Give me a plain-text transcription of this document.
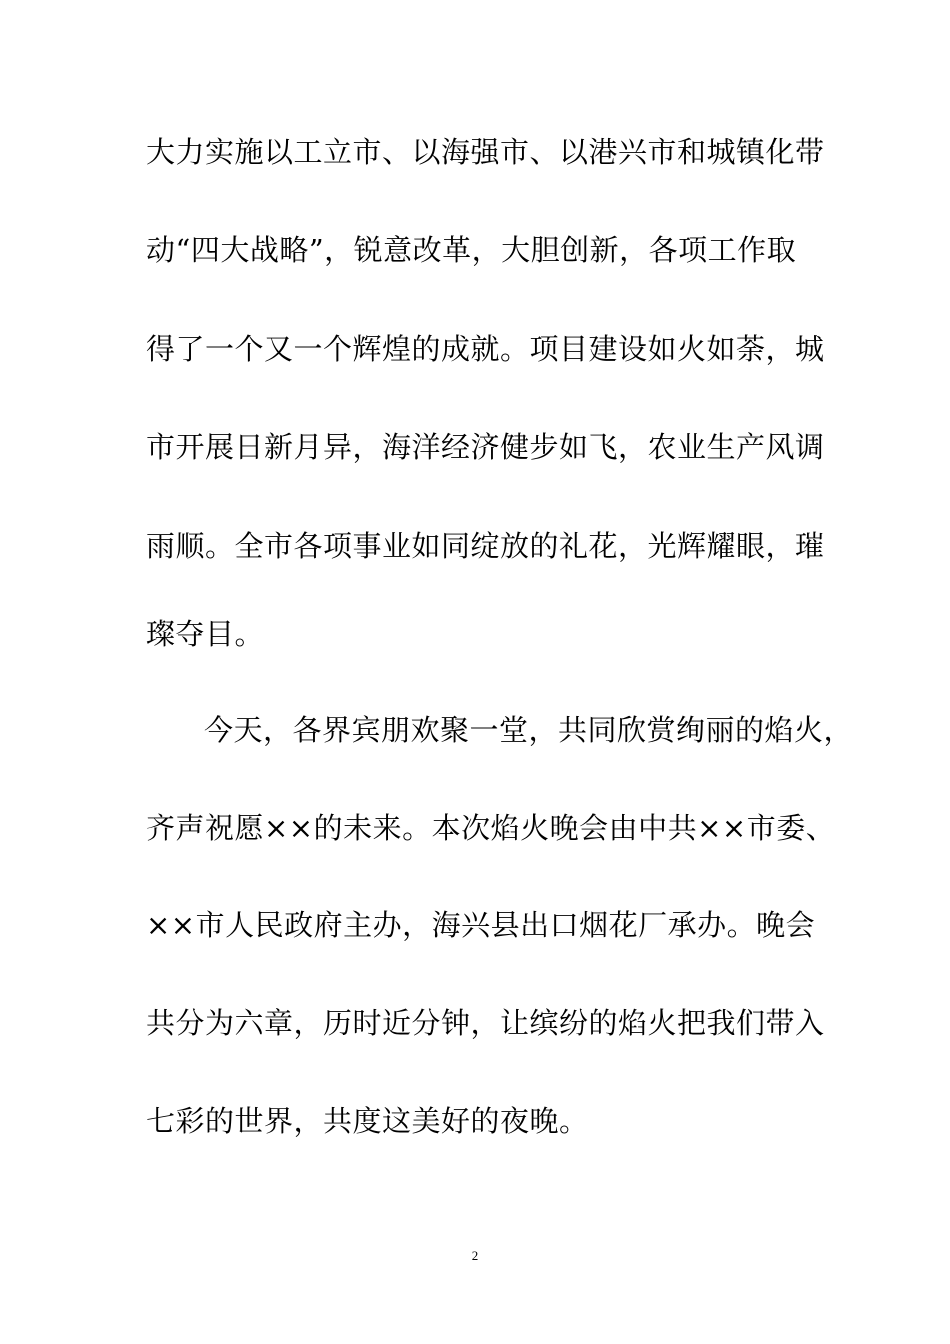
大力实施以工立市、以海强市、以港兴市和城镇化带
动“四大战略”，锐意改革，大胆创新，各项工作取
得了一个又一个辉煌的成就。项目建设如火如荼，城
市开展日新月异，海洋经济健步如飞，农业生产风调
雨顺。全市各项事业如同绽放的礼花，光辉耀眼，璀
璨夺目。
今天，各界宾朋欢聚一堂，共同欣赏绚丽的焰火，
齐声祝愿××的未来。本次焰火晚会由中共××市委、
××市人民政府主办，海兴县出口烟花厂承办。晚会
共分为六章，历时近分钟，让缤纷的焰火把我们带入
七彩的世界，共度这美好的夜晚。
2
